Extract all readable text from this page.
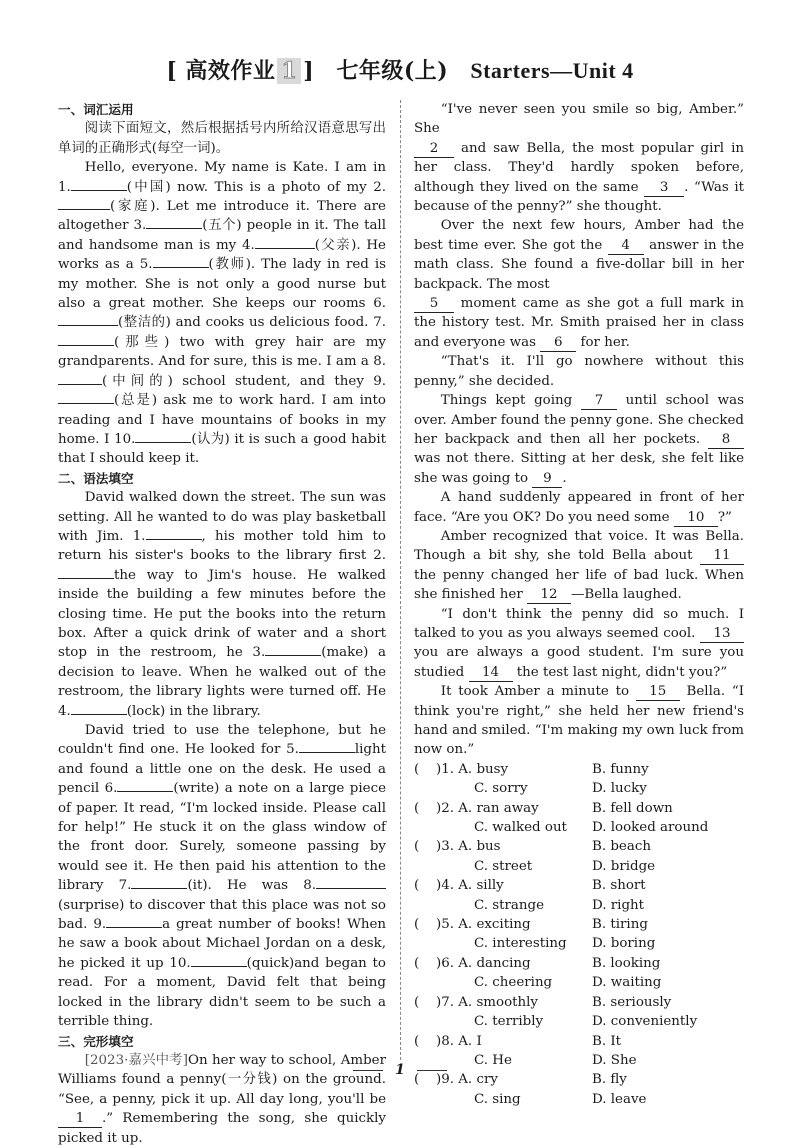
[ 高效作业 1 ] 七年级(上) Starters—Unit 4

一、词汇运用

阅读下面短文，然后根据括号内所给汉语意思写出单词的正确形式(每空一词)。

Hello, everyone. My name is Kate. I am in 1.	(中国) now. This is a photo of my 2.(家庭). Let me introduce it. There are altogether 3.	(五个) people in it. The tall and handsome man is my 4.	(父亲). He works as a 5.	(教师). The lady in red is my mother. She is not only a good nurse but also a great mother. She keeps our rooms 6.(整洁的) and cooks us delicious food. 7.(那些) two with grey hair are my grandparents. And for sure, this is me. I am a 8.(中间的) school student, and they 9.(总是) ask me to work hard. I am into reading and I have mountains of books in my home. I 10.	(认为) it is such a good habit that I should keep it.

二、语法填空

David walked down the street. The sun was setting. All he wanted to do was play basketball with Jim. 1.	, his mother told him to return his sister's books to the library first 2.the way to Jim's house. He walked inside the building a few minutes before the closing time. He put the books into the return box. After a quick drink of water and a short stop in the restroom, he 3.	(make) a decision to leave. When he walked out of the restroom, the library lights were turned off. He 4.	(lock) in the library.

David tried to use the telephone, but he couldn't find one. He looked for 5.	light and found a little one on the desk. He used a pencil 6.	(write) a note on a large piece of paper. It read, “I'm locked inside. Please call for help!” He stuck it on the glass window of the front door. Surely, someone passing by would see it. He then paid his attention to the library 7.	(it). He was 8.(surprise) to discover that this place was not so bad. 9.	a great number of books! When he saw a book about Michael Jordan on a desk, he picked it up 10.	(quick)and began to read. For a moment, David felt that being locked in the library didn't seem to be such a terrible thing.

三、完形填空

[2023·嘉兴中考]On her way to school, Amber Williams found a penny(一分钱) on the ground. “See, a penny, pick it up. All day long, you'll be 1 .” Remembering the song, she quickly picked it up.

“I've never seen you smile so big, Amber.” She
2 and saw Bella, the most popular girl in her class. They'd hardly spoken before, although they lived on the same 3 . “Was it because of the penny?” she thought.

Over the next few hours, Amber had the best time ever. She got the 4 answer in the math class. She found a five-dollar bill in her backpack. The most
5 moment came as she got a full mark in the history test. Mr. Smith praised her in class and everyone was 6 for her.

“That's it. I'll go nowhere without this penny,” she decided.

Things kept going 7 until school was over. Amber found the penny gone. She checked her backpack and then all her pockets. 8 was not there. Sitting at her desk, she felt like she was going to 9 .

A hand suddenly appeared in front of her face. “Are you OK? Do you need some 10 ?”

Amber recognized that voice. It was Bella. Though a bit shy, she told Bella about 11 the penny changed her life of bad luck. When she finished her 12 —Bella laughed.

“I don't think the penny did so much. I talked to you as you always seemed cool. 13 you are always a good student. I'm sure you studied 14 the test last night, didn't you?”

It took Amber a minute to 15 Bella. “I think you're right,” she held her new friend's hand and smiled. “I'm making my own luck from now on.”

(	)1. A. busy	B. funny
C. sorry	D. lucky
(	)2. A. ran away	B. fell down
C. walked out	D. looked around
(	)3. A. bus	B. beach
C. street	D. bridge
(	)4. A. silly	B. short
C. strange	D. right
(	)5. A. exciting	B. tiring
C. interesting	D. boring
(	)6. A. dancing	B. looking
C. cheering	D. waiting
(	)7. A. smoothly	B. seriously
C. terribly	D. conveniently
(	)8. A. I	B. It
C. He	D. She
(	)9. A. cry	B. fly
C. sing	D. leave
1
